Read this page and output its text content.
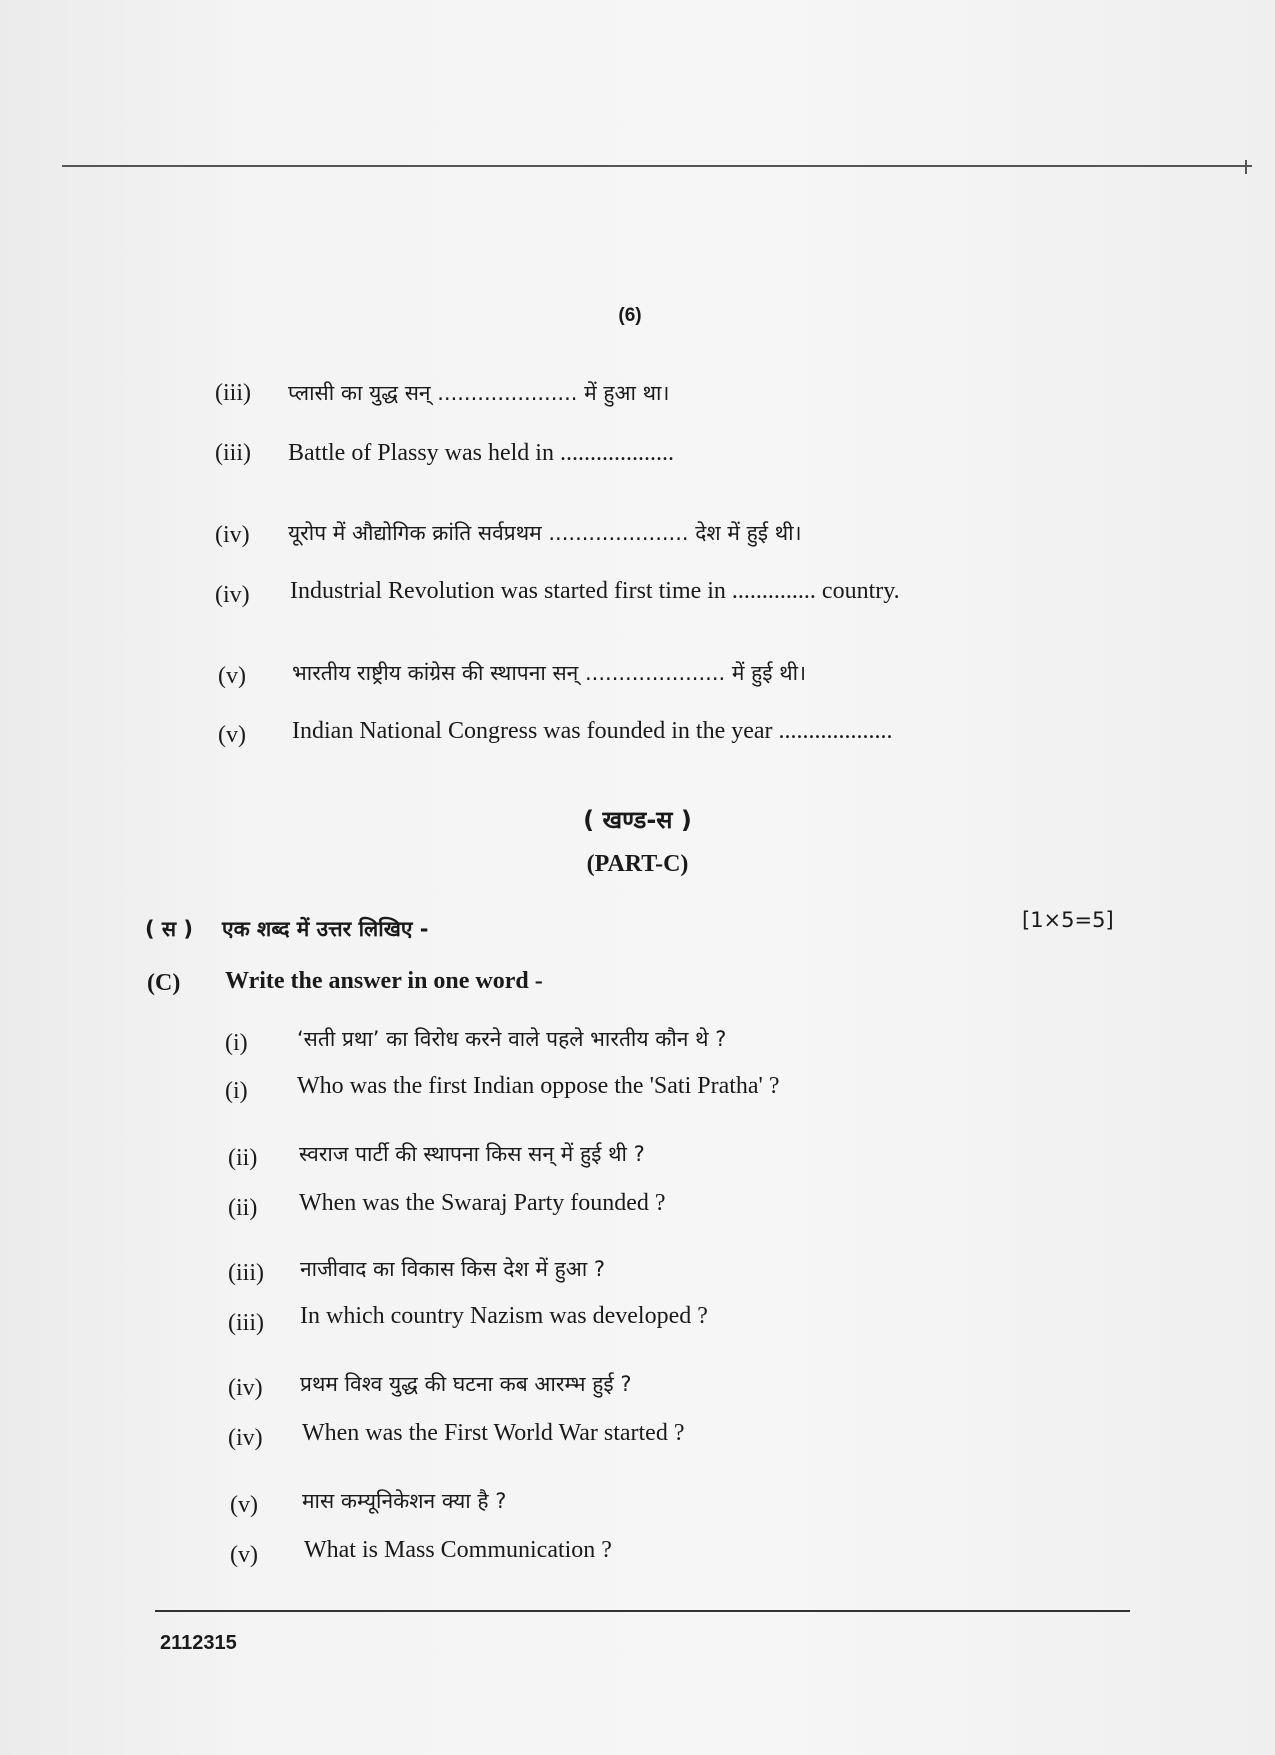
(6)
(iii) प्लासी का युद्ध सन् ..................... में हुआ था।
(iii) Battle of Plassy was held in ...................
(iv) यूरोप में औद्योगिक क्रांति सर्वप्रथम ..................... देश में हुई थी।
(iv) Industrial Revolution was started first time in .............. country.
(v) भारतीय राष्ट्रीय कांग्रेस की स्थापना सन् ..................... में हुई थी।
(v) Indian National Congress was founded in the year ...................
( खण्ड-स )
(PART-C)
( स ) एक शब्द में उत्तर लिखिए -	[1×5=5]
(C) Write the answer in one word -
(i) ‘सती प्रथा’ का विरोध करने वाले पहले भारतीय कौन थे ?
(i) Who was the first Indian oppose the 'Sati Pratha' ?
(ii) स्वराज पार्टी की स्थापना किस सन् में हुई थी ?
(ii) When was the Swaraj Party founded ?
(iii) नाजीवाद का विकास किस देश में हुआ ?
(iii) In which country Nazism was developed ?
(iv) प्रथम विश्व युद्ध की घटना कब आरम्भ हुई ?
(iv) When was the First World War started ?
(v) मास कम्यूनिकेशन क्या है ?
(v) What is Mass Communication ?
2112315
